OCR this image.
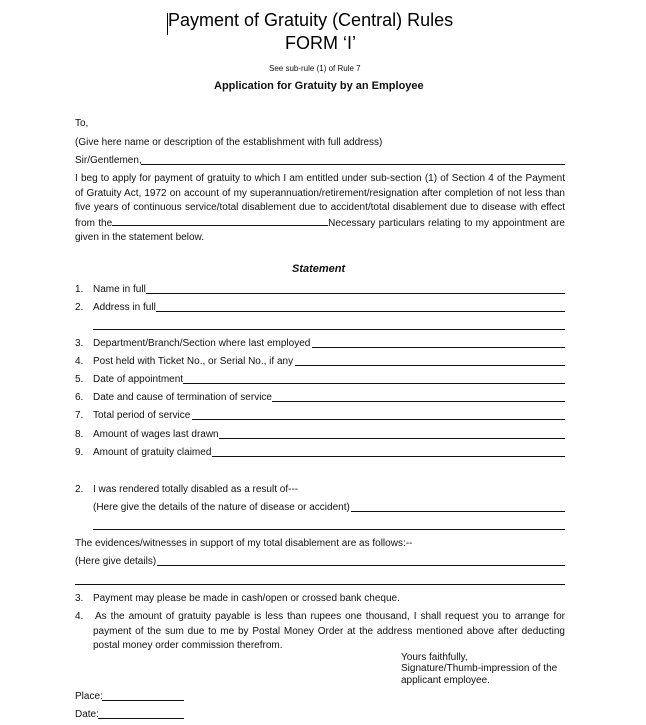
Payment of Gratuity (Central) Rules
FORM ‘I’
See sub-rule (1) of Rule 7
Application for Gratuity by an Employee
To,
(Give here name or description of the establishment with full address)
Sir/Gentlemen,
I beg to apply for payment of gratuity to which I am entitled under sub-section (1) of Section 4 of the Payment of Gratuity Act, 1972 on account of my superannuation/retirement/resignation after completion of not less than five years of continuous service/total disablement due to accident/total disablement due to disease with effect from the	Necessary particulars relating to my appointment are given in the statement below.
Statement
1. Name in full
2. Address in full
3. Department/Branch/Section where last employed
4. Post held with Ticket No., or Serial No., if any
5. Date of appointment
6. Date and cause of termination of service
7. Total period of service
8. Amount of wages last drawn
9. Amount of gratuity claimed
2. I was rendered totally disabled as a result of---
(Here give the details of the nature of disease or accident)
The evidences/witnesses in support of my total disablement are as follows:--
(Here give details)
3. Payment may please be made in cash/open or crossed bank cheque.
4. As the amount of gratuity payable is less than rupees one thousand, I shall request you to arrange for payment of the sum due to me by Postal Money Order at the address mentioned above after deducting postal money order commission therefrom.
Yours faithfully,
Signature/Thumb-impression of the
applicant employee.
Place:
Date:
